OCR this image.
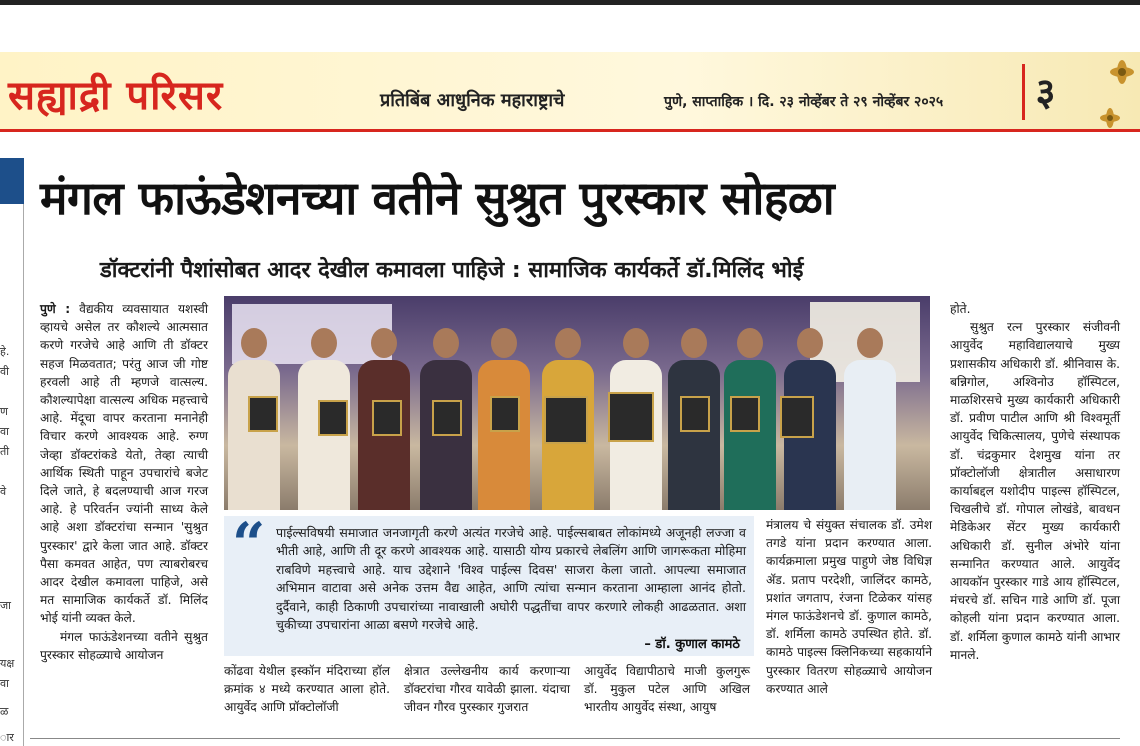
सह्याद्री परिसर	प्रतिबिंब आधुनिक महाराष्ट्राचे	पुणे, साप्ताहिक । दि. २३ नोव्हेंबर ते २९ नोव्हेंबर २०२५	३
हे.
वी
ण
वा
ती
वे
जा
यक्ष
वा
ळ
ार
मंगल फाऊंडेशनच्या वतीने सुश्रुत पुरस्कार सोहळा
डॉक्टरांनी पैशांसोबत आदर देखील कमावला पाहिजे : सामाजिक कार्यकर्ते डॉ.मिलिंद भोई

पुणे : वैद्यकीय व्यवसायात यशस्वी व्हायचे असेल तर कौशल्ये आत्मसात करणे गरजेचे आहे आणि ती डॉक्टर सहज मिळवतात; परंतु आज जी गोष्ट हरवली आहे ती म्हणजे वात्सल्य. कौशल्यापेक्षा वात्सल्य अधिक महत्त्वाचे आहे. मेंदूचा वापर करताना मनानेही विचार करणे आवश्यक आहे. रुग्ण जेव्हा डॉक्टरांकडे येतो, तेव्हा त्याची आर्थिक स्थिती पाहून उपचारांचे बजेट दिले जाते, हे बदलण्याची आज गरज आहे. हे परिवर्तन ज्यांनी साध्य केले आहे अशा डॉक्टरांचा सन्मान 'सुश्रुत पुरस्कार' द्वारे केला जात आहे. डॉक्टर पैसा कमवत आहेत, पण त्याबरोबरच आदर देखील कमावला पाहिजे, असे मत सामाजिक कार्यकर्ते डॉ. मिलिंद भोई यांनी व्यक्त केले.

मंगल फाऊंडेशनच्या वतीने सुश्रुत पुरस्कार सोहळ्याचे आयोजन

“ पाईल्सविषयी समाजात जनजागृती करणे अत्यंत गरजेचे आहे. पाईल्सबाबत लोकांमध्ये अजूनही लज्जा व भीती आहे, आणि ती दूर करणे आवश्यक आहे. यासाठी योग्य प्रकारचे लेबलिंग आणि जागरूकता मोहिमा राबविणे महत्त्वाचे आहे. याच उद्देशाने 'विश्व पाईल्स दिवस' साजरा केला जातो. आपल्या समाजात अभिमान वाटावा असे अनेक उत्तम वैद्य आहेत, आणि त्यांचा सन्मान करताना आम्हाला आनंद होतो. दुर्दैवाने, काही ठिकाणी उपचारांच्या नावाखाली अघोरी पद्धतींचा वापर करणारे लोकही आढळतात. अशा चुकीच्या उपचारांना आळा बसणे गरजेचे आहे.

– डॉ. कुणाल कामठे

कोंढवा येथील इस्कॉन मंदिराच्या हॉल क्रमांक ४ मध्ये करण्यात आला होते. आयुर्वेद आणि प्रॉक्टोलॉजी

क्षेत्रात उल्लेखनीय कार्य करणाऱ्या डॉक्टरांचा गौरव यावेळी झाला. यंदाचा जीवन गौरव पुरस्कार गुजरात

आयुर्वेद विद्यापीठाचे माजी कुलगुरू डॉ. मुकुल पटेल आणि अखिल भारतीय आयुर्वेद संस्था, आयुष

मंत्रालय चे संयुक्त संचालक डॉ. उमेश तगडे यांना प्रदान करण्यात आला. कार्यक्रमाला प्रमुख पाहुणे जेष्ठ विधिज्ञ ॲड. प्रताप परदेशी, जालिंदर कामठे, प्रशांत जगताप, रंजना टिळेकर यांसह मंगल फाऊंडेशनचे डॉ. कुणाल कामठे, डॉ. शर्मिला कामठे उपस्थित होते. डॉ. कामठे पाइल्स क्लिनिकच्या सहकार्याने पुरस्कार वितरण सोहळ्याचे आयोजन करण्यात आले

होते.

सुश्रुत रत्न पुरस्कार संजीवनी आयुर्वेद महाविद्यालयाचे मुख्य प्रशासकीय अधिकारी डॉ. श्रीनिवास के. बन्निगोल, अश्विनोउ हॉस्पिटल, माळशिरसचे मुख्य कार्यकारी अधिकारी डॉ. प्रवीण पाटील आणि श्री विश्वमूर्ती आयुर्वेद चिकित्सालय, पुणेचे संस्थापक डॉ. चंद्रकुमार देशमुख यांना तर प्रॉक्टोलॉजी क्षेत्रातील असाधारण कार्याबद्दल यशोदीप पाइल्स हॉस्पिटल, चिखलीचे डॉ. गोपाल लोखंडे, बावधन मेडिकेअर सेंटर मुख्य कार्यकारी अधिकारी डॉ. सुनील अंभोरे यांना सन्मानित करण्यात आले. आयुर्वेद आयकॉन पुरस्कार गाडे आय हॉस्पिटल, मंचरचे डॉ. सचिन गाडे आणि डॉ. पूजा कोहली यांना प्रदान करण्यात आला. डॉ. शर्मिला कुणाल कामठे यांनी आभार मानले.
